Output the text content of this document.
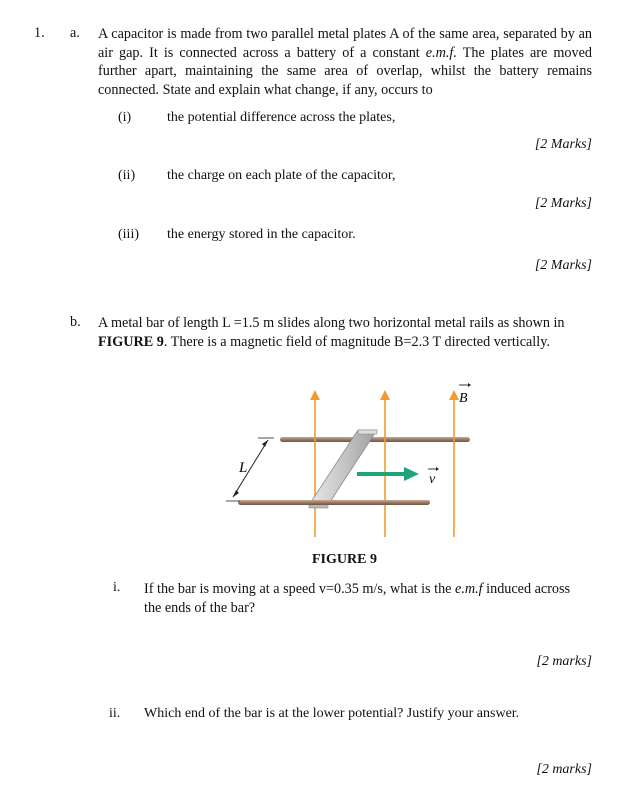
1. a. A capacitor is made from two parallel metal plates A of the same area, separated by an air gap. It is connected across a battery of a constant e.m.f. The plates are moved further apart, maintaining the same area of overlap, whilst the battery remains connected. State and explain what change, if any, occurs to
(i)	the potential difference across the plates,
[2 Marks]
(ii) the charge on each plate of the capacitor,
[2 Marks]
(iii) the energy stored in the capacitor.
[2 Marks]
b. A metal bar of length L =1.5 m slides along two horizontal metal rails as shown in FIGURE 9. There is a magnetic field of magnitude B=2.3 T directed vertically.
L
B
v
FIGURE 9
i. If the bar is moving at a speed v=0.35 m/s, what is the e.m.f induced across the ends of the bar?
[2 marks]
ii. Which end of the bar is at the lower potential? Justify your answer.
[2 marks]
